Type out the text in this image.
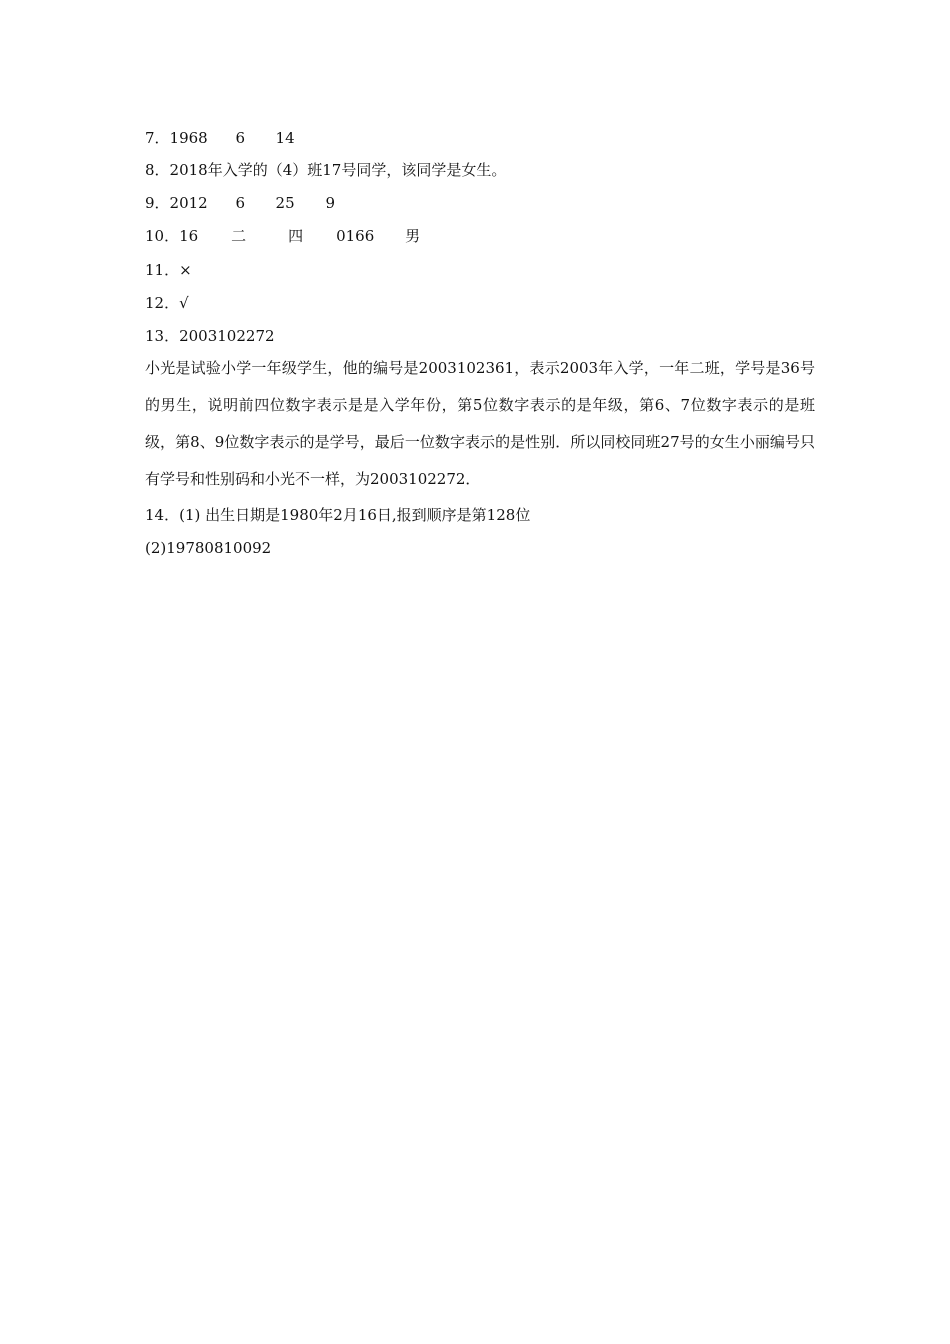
7．1968 6 14
8．2018年入学的（4）班17号同学，该同学是女生。
9．2012 6 25 9
10．16 二	四 0166 男
11．×
12．√
13．2003102272
小光是试验小学一年级学生，他的编号是2003102361，表示2003年入学，一年二班，学号是36号的男生，说明前四位数字表示是是入学年份，第5位数字表示的是年级，第6、7位数字表示的是班级，第8、9位数字表示的是学号，最后一位数字表示的是性别．所以同校同班27号的女生小丽编号只有学号和性别码和小光不一样，为2003102272．
14．(1) 出生日期是1980年2月16日,报到顺序是第128位
(2)19780810092
